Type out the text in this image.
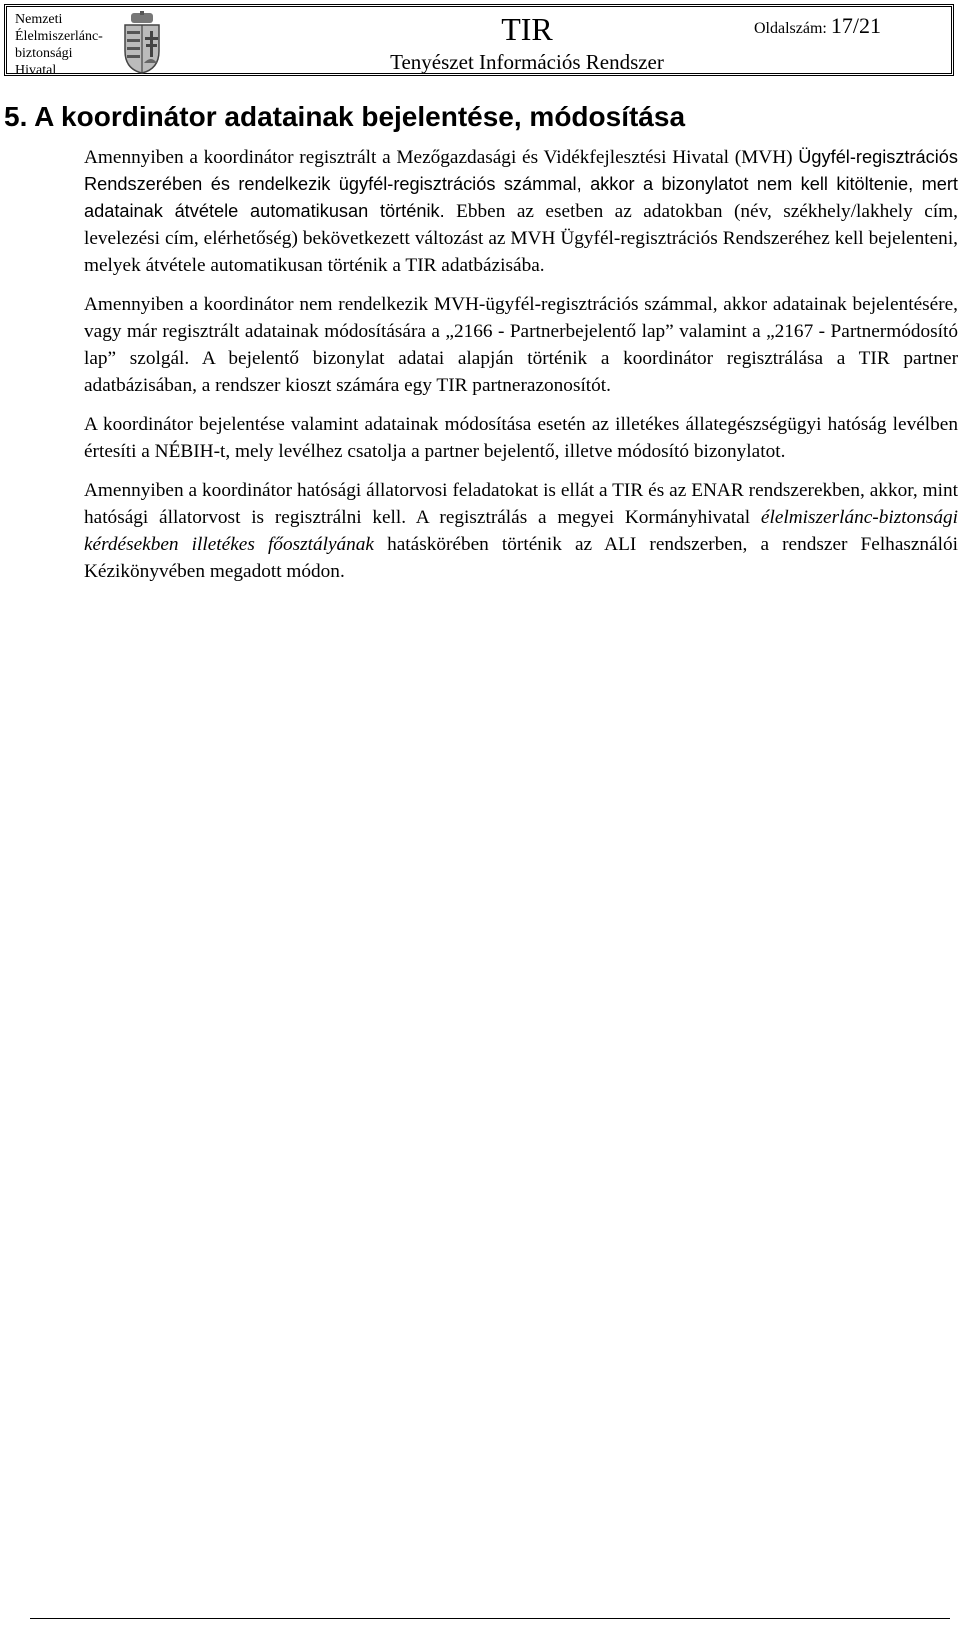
Nemzeti
Élelmiszerlánc-
biztonsági
Hivatal
TIR
Tenyészet Információs Rendszer
Oldalszám: 17/21
5. A koordinátor adatainak bejelentése, módosítása

Amennyiben a koordinátor regisztrált a Mezőgazdasági és Vidékfejlesztési Hivatal (MVH) Ügyfél-regisztrációs Rendszerében és rendelkezik ügyfél-regisztrációs számmal, akkor a bizonylatot nem kell kitöltenie, mert adatainak átvétele automatikusan történik. Ebben az esetben az adatokban (név, székhely/lakhely cím, levelezési cím, elérhetőség) bekövetkezett változást az MVH Ügyfél-regisztrációs Rendszeréhez kell bejelenteni, melyek átvétele automatikusan történik a TIR adatbázisába.

Amennyiben a koordinátor nem rendelkezik MVH-ügyfél-regisztrációs számmal, akkor adatainak bejelentésére, vagy már regisztrált adatainak módosítására a „2166 - Partnerbejelentő lap” valamint a „2167 - Partnermódosító lap” szolgál. A bejelentő bizonylat adatai alapján történik a koordinátor regisztrálása a TIR partner adatbázisában, a rendszer kioszt számára egy TIR partnerazonosítót.

A koordinátor bejelentése valamint adatainak módosítása esetén az illetékes állategészségügyi hatóság levélben értesíti a NÉBIH-t, mely levélhez csatolja a partner bejelentő, illetve módosító bizonylatot.

Amennyiben a koordinátor hatósági állatorvosi feladatokat is ellát a TIR és az ENAR rendszerekben, akkor, mint hatósági állatorvost is regisztrálni kell. A regisztrálás a megyei Kormányhivatal élelmiszerlánc-biztonsági kérdésekben illetékes főosztályának hatáskörében történik az ALI rendszerben, a rendszer Felhasználói Kézikönyvében megadott módon.
